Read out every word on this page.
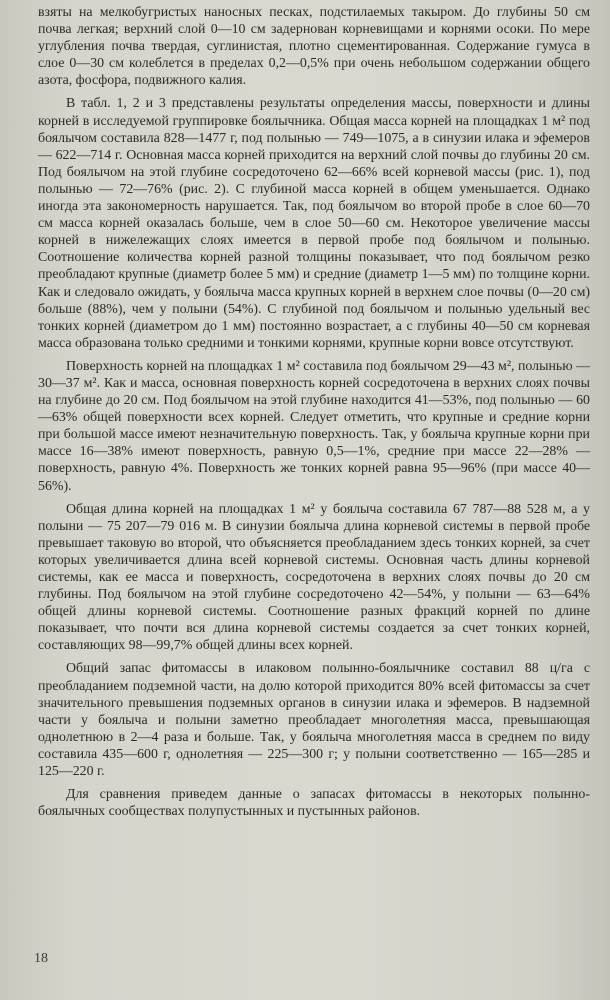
взяты на мелкобугристых наносных песках, подстилаемых такыром. До глубины 50 см почва легкая; верхний слой 0—10 см задернован корневищами и корнями осоки. По мере углубления почва твердая, суглинистая, плотно сцементированная. Содержание гумуса в слое 0—30 см колеблется в пределах 0,2—0,5% при очень небольшом содержании общего азота, фосфора, подвижного калия.

В табл. 1, 2 и 3 представлены результаты определения массы, поверхности и длины корней в исследуемой группировке боялычника. Общая масса корней на площадках 1 м² под боялычом составила 828—1477 г, под полынью — 749—1075, а в синузии илака и эфемеров — 622—714 г. Основная масса корней приходится на верхний слой почвы до глубины 20 см. Под боялычом на этой глубине сосредоточено 62—66% всей корневой массы (рис. 1), под полынью — 72—76% (рис. 2). С глубиной масса корней в общем уменьшается. Однако иногда эта закономерность нарушается. Так, под боялычом во второй пробе в слое 60—70 см масса корней оказалась больше, чем в слое 50—60 см. Некоторое увеличение массы корней в нижележащих слоях имеется в первой пробе под боялычом и полынью. Соотношение количества корней разной толщины показывает, что под боялычом резко преобладают крупные (диаметр более 5 мм) и средние (диаметр 1—5 мм) по толщине корни. Как и следовало ожидать, у боялыча масса крупных корней в верхнем слое почвы (0—20 см) больше (88%), чем у полыни (54%). С глубиной под боялычом и полынью удельный вес тонких корней (диаметром до 1 мм) постоянно возрастает, а с глубины 40—50 см корневая масса образована только средними и тонкими корнями, крупные корни вовсе отсутствуют.

Поверхность корней на площадках 1 м² составила под боялычом 29—43 м², полынью — 30—37 м². Как и масса, основная поверхность корней сосредоточена в верхних слоях почвы на глубине до 20 см. Под боялычом на этой глубине находится 41—53%, под полынью — 60—63% общей поверхности всех корней. Следует отметить, что крупные и средние корни при большой массе имеют незначительную поверхность. Так, у боялыча крупные корни при массе 16—38% имеют поверхность, равную 0,5—1%, средние при массе 22—28% — поверхность, равную 4%. Поверхность же тонких корней равна 95—96% (при массе 40—56%).

Общая длина корней на площадках 1 м² у боялыча составила 67 787—88 528 м, а у полыни — 75 207—79 016 м. В синузии боялыча длина корневой системы в первой пробе превышает таковую во второй, что объясняется преобладанием здесь тонких корней, за счет которых увеличивается длина всей корневой системы. Основная часть длины корневой системы, как ее масса и поверхность, сосредоточена в верхних слоях почвы до 20 см глубины. Под боялычом на этой глубине сосредоточено 42—54%, у полыни — 63—64% общей длины корневой системы. Соотношение разных фракций корней по длине показывает, что почти вся длина корневой системы создается за счет тонких корней, составляющих 98—99,7% общей длины всех корней.

Общий запас фитомассы в илаковом полынно-боялычнике составил 88 ц/га с преобладанием подземной части, на долю которой приходится 80% всей фитомассы за счет значительного превышения подземных органов в синузии илака и эфемеров. В надземной части у боялыча и полыни заметно преобладает многолетняя масса, превышающая однолетнюю в 2—4 раза и больше. Так, у боялыча многолетняя масса в среднем по виду составила 435—600 г, однолетняя — 225—300 г; у полыни соответственно — 165—285 и 125—220 г.

Для сравнения приведем данные о запасах фитомассы в некоторых полынно-боялычных сообществах полупустынных и пустынных районов.

18
